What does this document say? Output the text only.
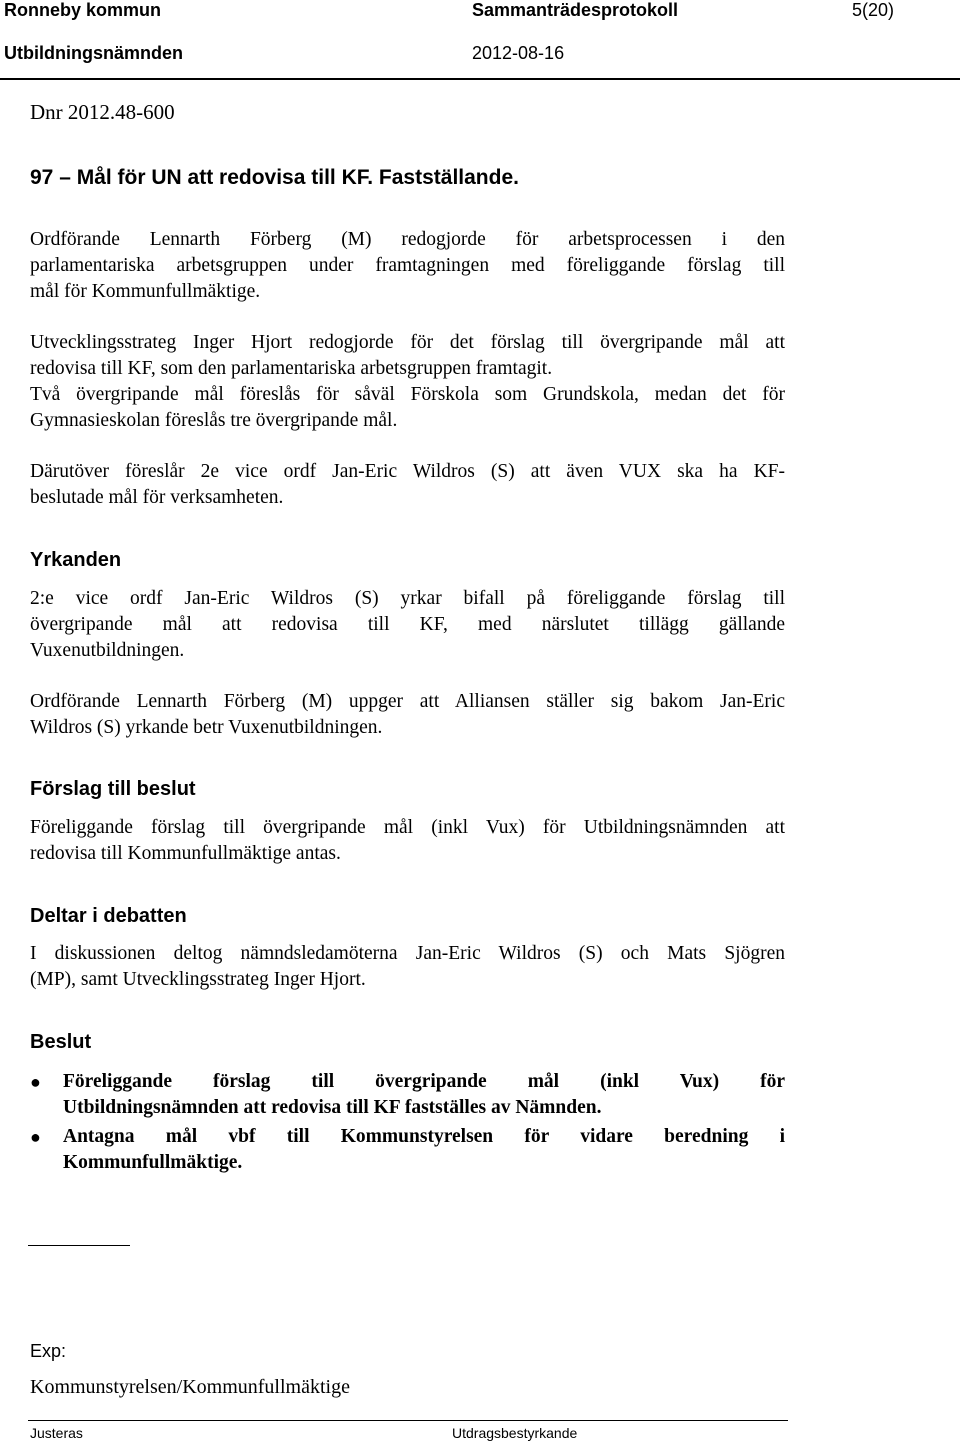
Ronneby kommun	Sammanträdesprotokoll	5(20)
Utbildningsnämnden	2012-08-16
Dnr 2012.48-600
97 – Mål för UN att redovisa till KF. Fastställande.
Ordförande Lennarth Förberg (M) redogjorde för arbetsprocessen i den
parlamentariska arbetsgruppen under framtagningen med föreliggande förslag till
mål för Kommunfullmäktige.
Utvecklingsstrateg Inger Hjort redogjorde för det förslag till övergripande mål att
redovisa till KF, som den parlamentariska arbetsgruppen framtagit.
Två övergripande mål föreslås för såväl Förskola som Grundskola, medan det för
Gymnasieskolan föreslås tre övergripande mål.
Därutöver föreslår 2e vice ordf Jan-Eric Wildros (S) att även VUX ska ha KF-
beslutade mål för verksamheten.
Yrkanden
2:e vice ordf Jan-Eric Wildros (S) yrkar bifall på föreliggande förslag till
övergripande mål att redovisa till KF, med närslutet tillägg gällande
Vuxenutbildningen.
Ordförande Lennarth Förberg (M) uppger att Alliansen ställer sig bakom Jan-Eric
Wildros (S) yrkande betr Vuxenutbildningen.
Förslag till beslut
Föreliggande förslag till övergripande mål (inkl Vux) för Utbildningsnämnden att
redovisa till Kommunfullmäktige antas.
Deltar i debatten
I diskussionen deltog nämndsledamöterna Jan-Eric Wildros (S) och Mats Sjögren
(MP), samt Utvecklingsstrateg Inger Hjort.
Beslut
● Föreliggande förslag till övergripande mål (inkl Vux) för
Utbildningsnämnden att redovisa till KF fastställes av Nämnden.
● Antagna mål vbf till Kommunstyrelsen för vidare beredning i
Kommunfullmäktige.
Exp:
Kommunstyrelsen/Kommunfullmäktige
Justeras	Utdragsbestyrkande
